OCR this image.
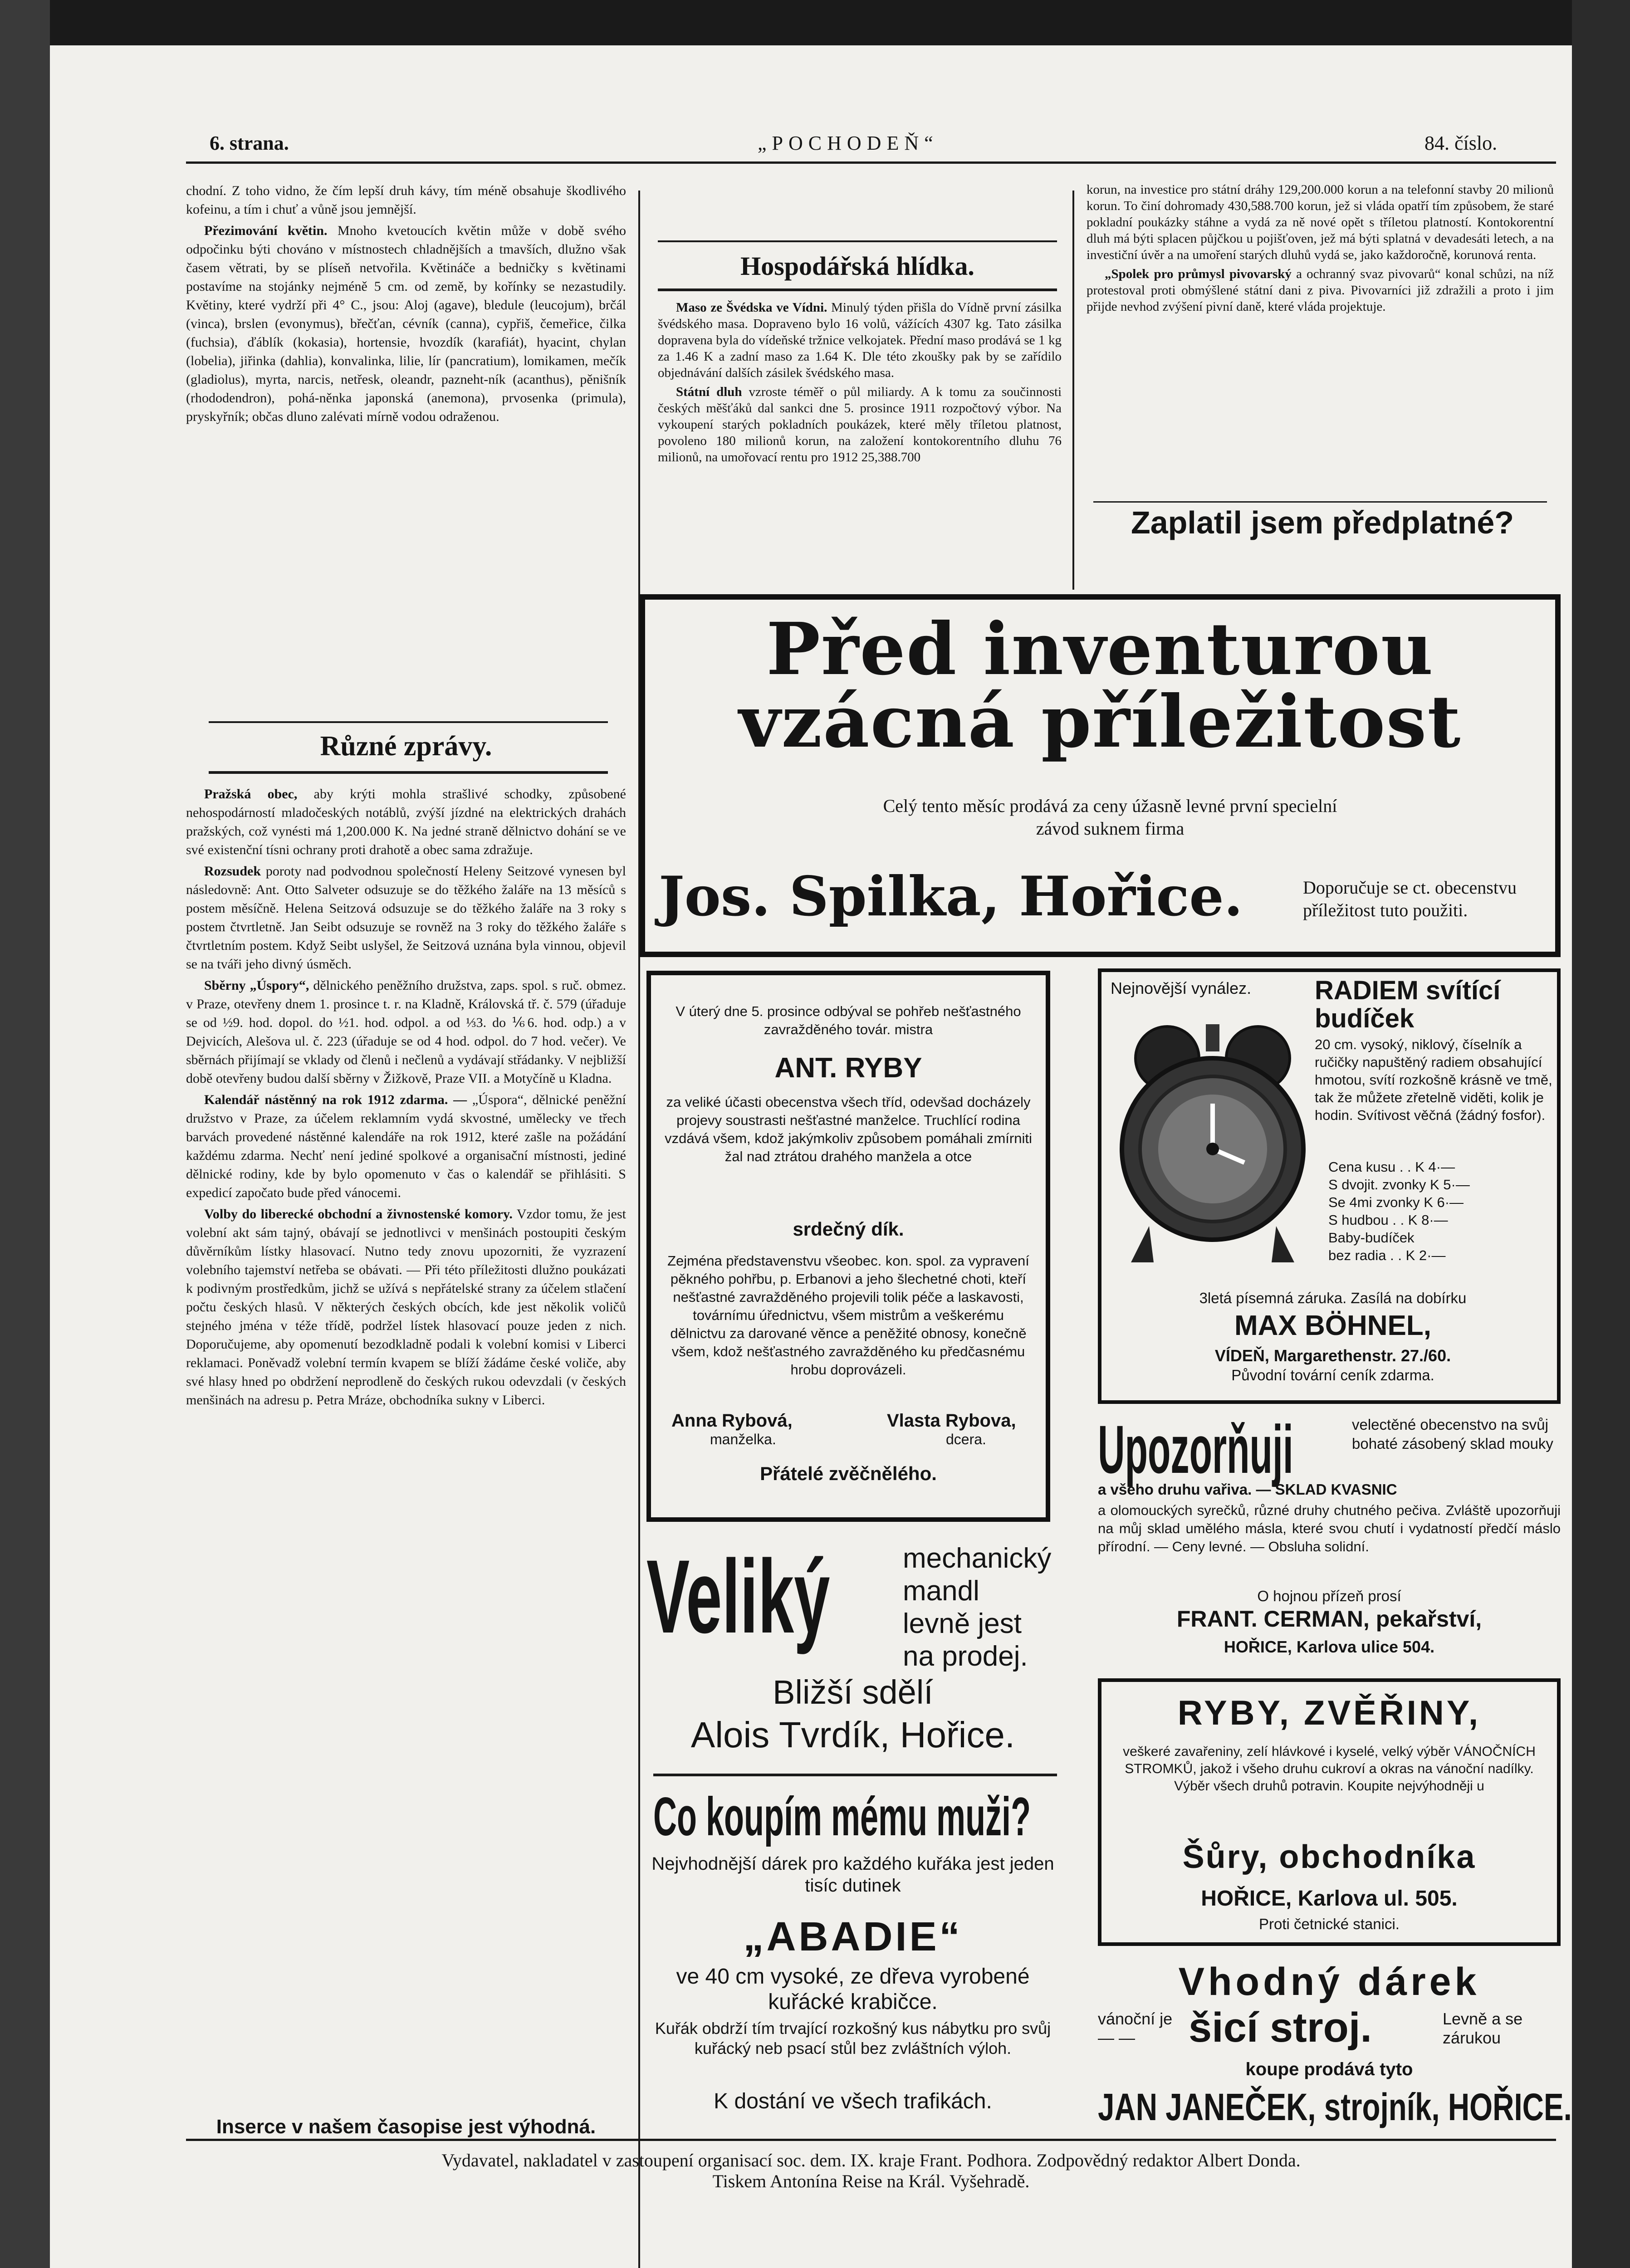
6. strana.	„POCHODEŇ“	84. číslo.

chodní. Z toho vidno, že čím lepší druh kávy, tím méně obsahuje škodlivého kofeinu, a tím i chuť a vůně jsou jemnější.

Přezimování květin. Mnoho kvetoucích květin může v době svého odpočinku býti chováno v místnostech chladnějších a tmavších, dlužno však časem větrati, by se plíseň netvořila. Květináče a bedničky s květinami postavíme na stojánky nejméně 5 cm. od země, by kořínky se nezastudily. Květiny, které vydrží při 4° C., jsou: Aloj (agave), bledule (leucojum), brčál (vinca), brslen (evonymus), břečťan, cévník (canna), cypřiš, čemeřice, čilka (fuchsia), ďáblík (kokasia), hortensie, hvozdík (karafiát), hyacint, chylan (lobelia), jiřinka (dahlia), konvalinka, lilie, lír (pancratium), lomikamen, mečík (gladiolus), myrta, narcis, netřesk, oleandr, pazneht-ník (acanthus), pěnišník (rhododendron), pohá-něnka japonská (anemona), prvosenka (primula), pryskyřník; občas dluno zalévati mírně vodou odraženou.

Různé zprávy.

Pražská obec, aby krýti mohla strašlivé schodky, způsobené nehospodárností mladočeských notáblů, zvýší jízdné na elektrických drahách pražských, což vynésti má 1,200.000 K. Na jedné straně dělnictvo dohání se ve své existenční tísni ochrany proti drahotě a obec sama zdražuje.

Rozsudek poroty nad podvodnou společností Heleny Seitzové vynesen byl následovně: Ant. Otto Salveter odsuzuje se do těžkého žaláře na 13 měsíců s postem měsíčně. Helena Seitzová odsuzuje se do těžkého žaláře na 3 roky s postem čtvrtletně. Jan Seibt odsuzuje se rovněž na 3 roky do těžkého žaláře s čtvrtletním postem. Když Seibt uslyšel, že Seitzová uznána byla vinnou, objevil se na tváři jeho divný úsměch.

Sběrny „Úspory“, dělnického peněžního družstva, zaps. spol. s ruč. obmez. v Praze, otevřeny dnem 1. prosince t. r. na Kladně, Královská tř. č. 579 (úřaduje se od ½9. hod. dopol. do ½1. hod. odpol. a od ⅓3. do ⅙6. hod. odp.) a v Dejvicích, Alešova ul. č. 223 (úřaduje se od 4 hod. odpol. do 7 hod. večer). Ve sběrnách přijímají se vklady od členů i nečlenů a vydávají střádanky. V nejbližší době otevřeny budou další sběrny v Žižkově, Praze VII. a Motyčíně u Kladna.

Kalendář nástěnný na rok 1912 zdarma. — „Úspora“, dělnické peněžní družstvo v Praze, za účelem reklamním vydá skvostné, umělecky ve třech barvách provedené nástěnné kalendáře na rok 1912, které zašle na požádání každému zdarma. Nechť není jediné spolkové a organisační místnosti, jediné dělnické rodiny, kde by bylo opomenuto v čas o kalendář se přihlásiti. S expedicí započato bude před vánocemi.

Volby do liberecké obchodní a živnostenské komory. Vzdor tomu, že jest volební akt sám tajný, obávají se jednotlivci v menšinách postoupiti českým důvěrníkům lístky hlasovací. Nutno tedy znovu upozorniti, že vyzrazení volebního tajemství netřeba se obávati. — Při této příležitosti dlužno poukázati k podivným prostředkům, jichž se užívá s nepřátelské strany za účelem stlačení počtu českých hlasů. V některých českých obcích, kde jest několik voličů stejného jména v téže třídě, podržel lístek hlasovací pouze jeden z nich. Doporučujeme, aby opomenutí bezodkladně podali k volební komisi v Liberci reklamaci. Poněvadž volební termín kvapem se blíží žádáme české voliče, aby své hlasy hned po obdržení neprodleně do českých rukou odevzdali (v českých menšinách na adresu p. Petra Mráze, obchodníka sukny v Liberci.

Inserce v našem časopise jest výhodná.
Hospodářská hlídka.

Maso ze Švédska ve Vídni. Minulý týden přišla do Vídně první zásilka švédského masa. Dopraveno bylo 16 volů, vážících 4307 kg. Tato zásilka dopravena byla do vídeňské tržnice velkojatek. Přední maso prodává se 1 kg za 1.46 K a zadní maso za 1.64 K. Dle této zkoušky pak by se zařídilo objednávání dalších zásilek švédského masa.

Státní dluh vzroste téměř o půl miliardy. A k tomu za součinnosti českých měšťáků dal sankci dne 5. prosince 1911 rozpočtový výbor. Na vykoupení starých pokladních poukázek, které měly tříletou platnost, povoleno 180 milionů korun, na založení kontokorentního dluhu 76 milionů, na umořovací rentu pro 1912 25,388.700

korun, na investice pro státní dráhy 129,200.000 korun a na telefonní stavby 20 milionů korun. To činí dohromady 430,588.700 korun, jež si vláda opatří tím způsobem, že staré pokladní poukázky stáhne a vydá za ně nové opět s tříletou platností. Kontokorentní dluh má býti splacen půjčkou u pojišťoven, jež má býti splatná v devadesáti letech, a na investiční úvěr a na umoření starých dluhů vydá se, jako každoročně, korunová renta.

„Spolek pro průmysl pivovarský a ochranný svaz pivovarů“ konal schůzi, na níž protestoval proti obmýšlené státní dani z piva. Pivovarníci již zdražili a proto i jim přijde nevhod zvýšení pivní daně, které vláda projektuje.

Zaplatil jsem předplatné?
Před inventurou vzácná příležitost
Celý tento měsíc prodává za ceny úžasně levné první specielní závod suknem firma
Jos. Spilka, Hořice.	Doporučuje se ct. obecenstvu příležitost tuto použiti.
V úterý dne 5. prosince odbýval se pohřeb nešťastného zavražděného továr. mistra
ANT. RYBY
za veliké účasti obecenstva všech tříd, odevšad docházely projevy soustrasti nešťastné manželce. Truchlící rodina vzdává všem, kdož jakýmkoliv způsobem pomáhali zmírniti žal nad ztrátou drahého manžela a otce
srdečný dík.
Zejména představenstvu všeobec. kon. spol. za vypravení pěkného pohřbu, p. Erbanovi a jeho šlechetné choti, kteří nešťastné zavražděného projevili tolik péče a laskavosti, továrnímu úřednictvu, všem mistrům a veškerému dělnictvu za darované věnce a peněžité obnosy, konečně všem, kdož nešťastného zavražděného ku předčasnému hrobu doprovázeli.
Anna Rybová,
manželka.
Vlasta Rybova,
dcera.
Přátelé zvěčnělého.
Veliký	mechanický mandl levně jest na prodej.
Bližší sdělí
Alois Tvrdík, Hořice.
Co koupím mému muži?
Nejvhodnější dárek pro každého kuřáka jest jeden tisíc dutinek
„ABADIE“
ve 40 cm vysoké, ze dřeva vyrobené kuřácké krabičce.
Kuřák obdrží tím trvající rozkošný kus nábytku pro svůj kuřácký neb psací stůl bez zvláštních výloh.
K dostání ve všech trafikách.
Nejnovější vynález. RADIEM svítící budíček
20 cm. vysoký, niklový, číselník a ručičky napuštěný radiem obsahující hmotou, svítí rozkošně krásně ve tmě, tak že můžete zřetelně viděti, kolik je hodin. Svítivost věčná (žádný fosfor).
Cena kusu . . K 4·—
S dvojit. zvonky K 5·—
Se 4mi zvonky K 6·—
S hudbou . . K 8·—
Baby-budíček
bez radia . . K 2·—
3letá písemná záruka. Zasílá na dobírku
MAX BÖHNEL,
VÍDEŇ, Margarethenstr. 27./60.
Původní tovární ceník zdarma.
Upozorňuji	velectěné obecenstvo na svůj bohaté zásobený sklad mouky
a všeho druhu vařiva. — SKLAD KVASNIC
a olomouckých syrečků, různé druhy chutného pečiva. Zvláště upozorňuji na můj sklad umělého másla, které svou chutí i vydatností předčí máslo přírodní. — Ceny levné. — Obsluha solidní.
O hojnou přízeň prosí
FRANT. CERMAN, pekařství,
HOŘICE, Karlova ulice 504.
RYBY, ZVĚŘINY,
veškeré zavařeniny, zelí hlávkové i kyselé, velký výběr VÁNOČNÍCH STROMKŮ, jakož i všeho druhu cukroví a okras na vánoční nadílky. Výběr všech druhů potravin. Koupite nejvýhodněji u
Šůry, obchodníka
HOŘICE, Karlova ul. 505.
Proti četnické stanici.
Vhodný dárek
vánoční je — —	šicí stroj.	Levně a se zárukou
koupe prodává tyto
JAN JANEČEK, strojník, HOŘICE.
Vydavatel, nakladatel v zastoupení organisací soc. dem. IX. kraje Frant. Podhora. Zodpovědný redaktor Albert Donda.
Tiskem Antonína Reise na Král. Vyšehradě.
